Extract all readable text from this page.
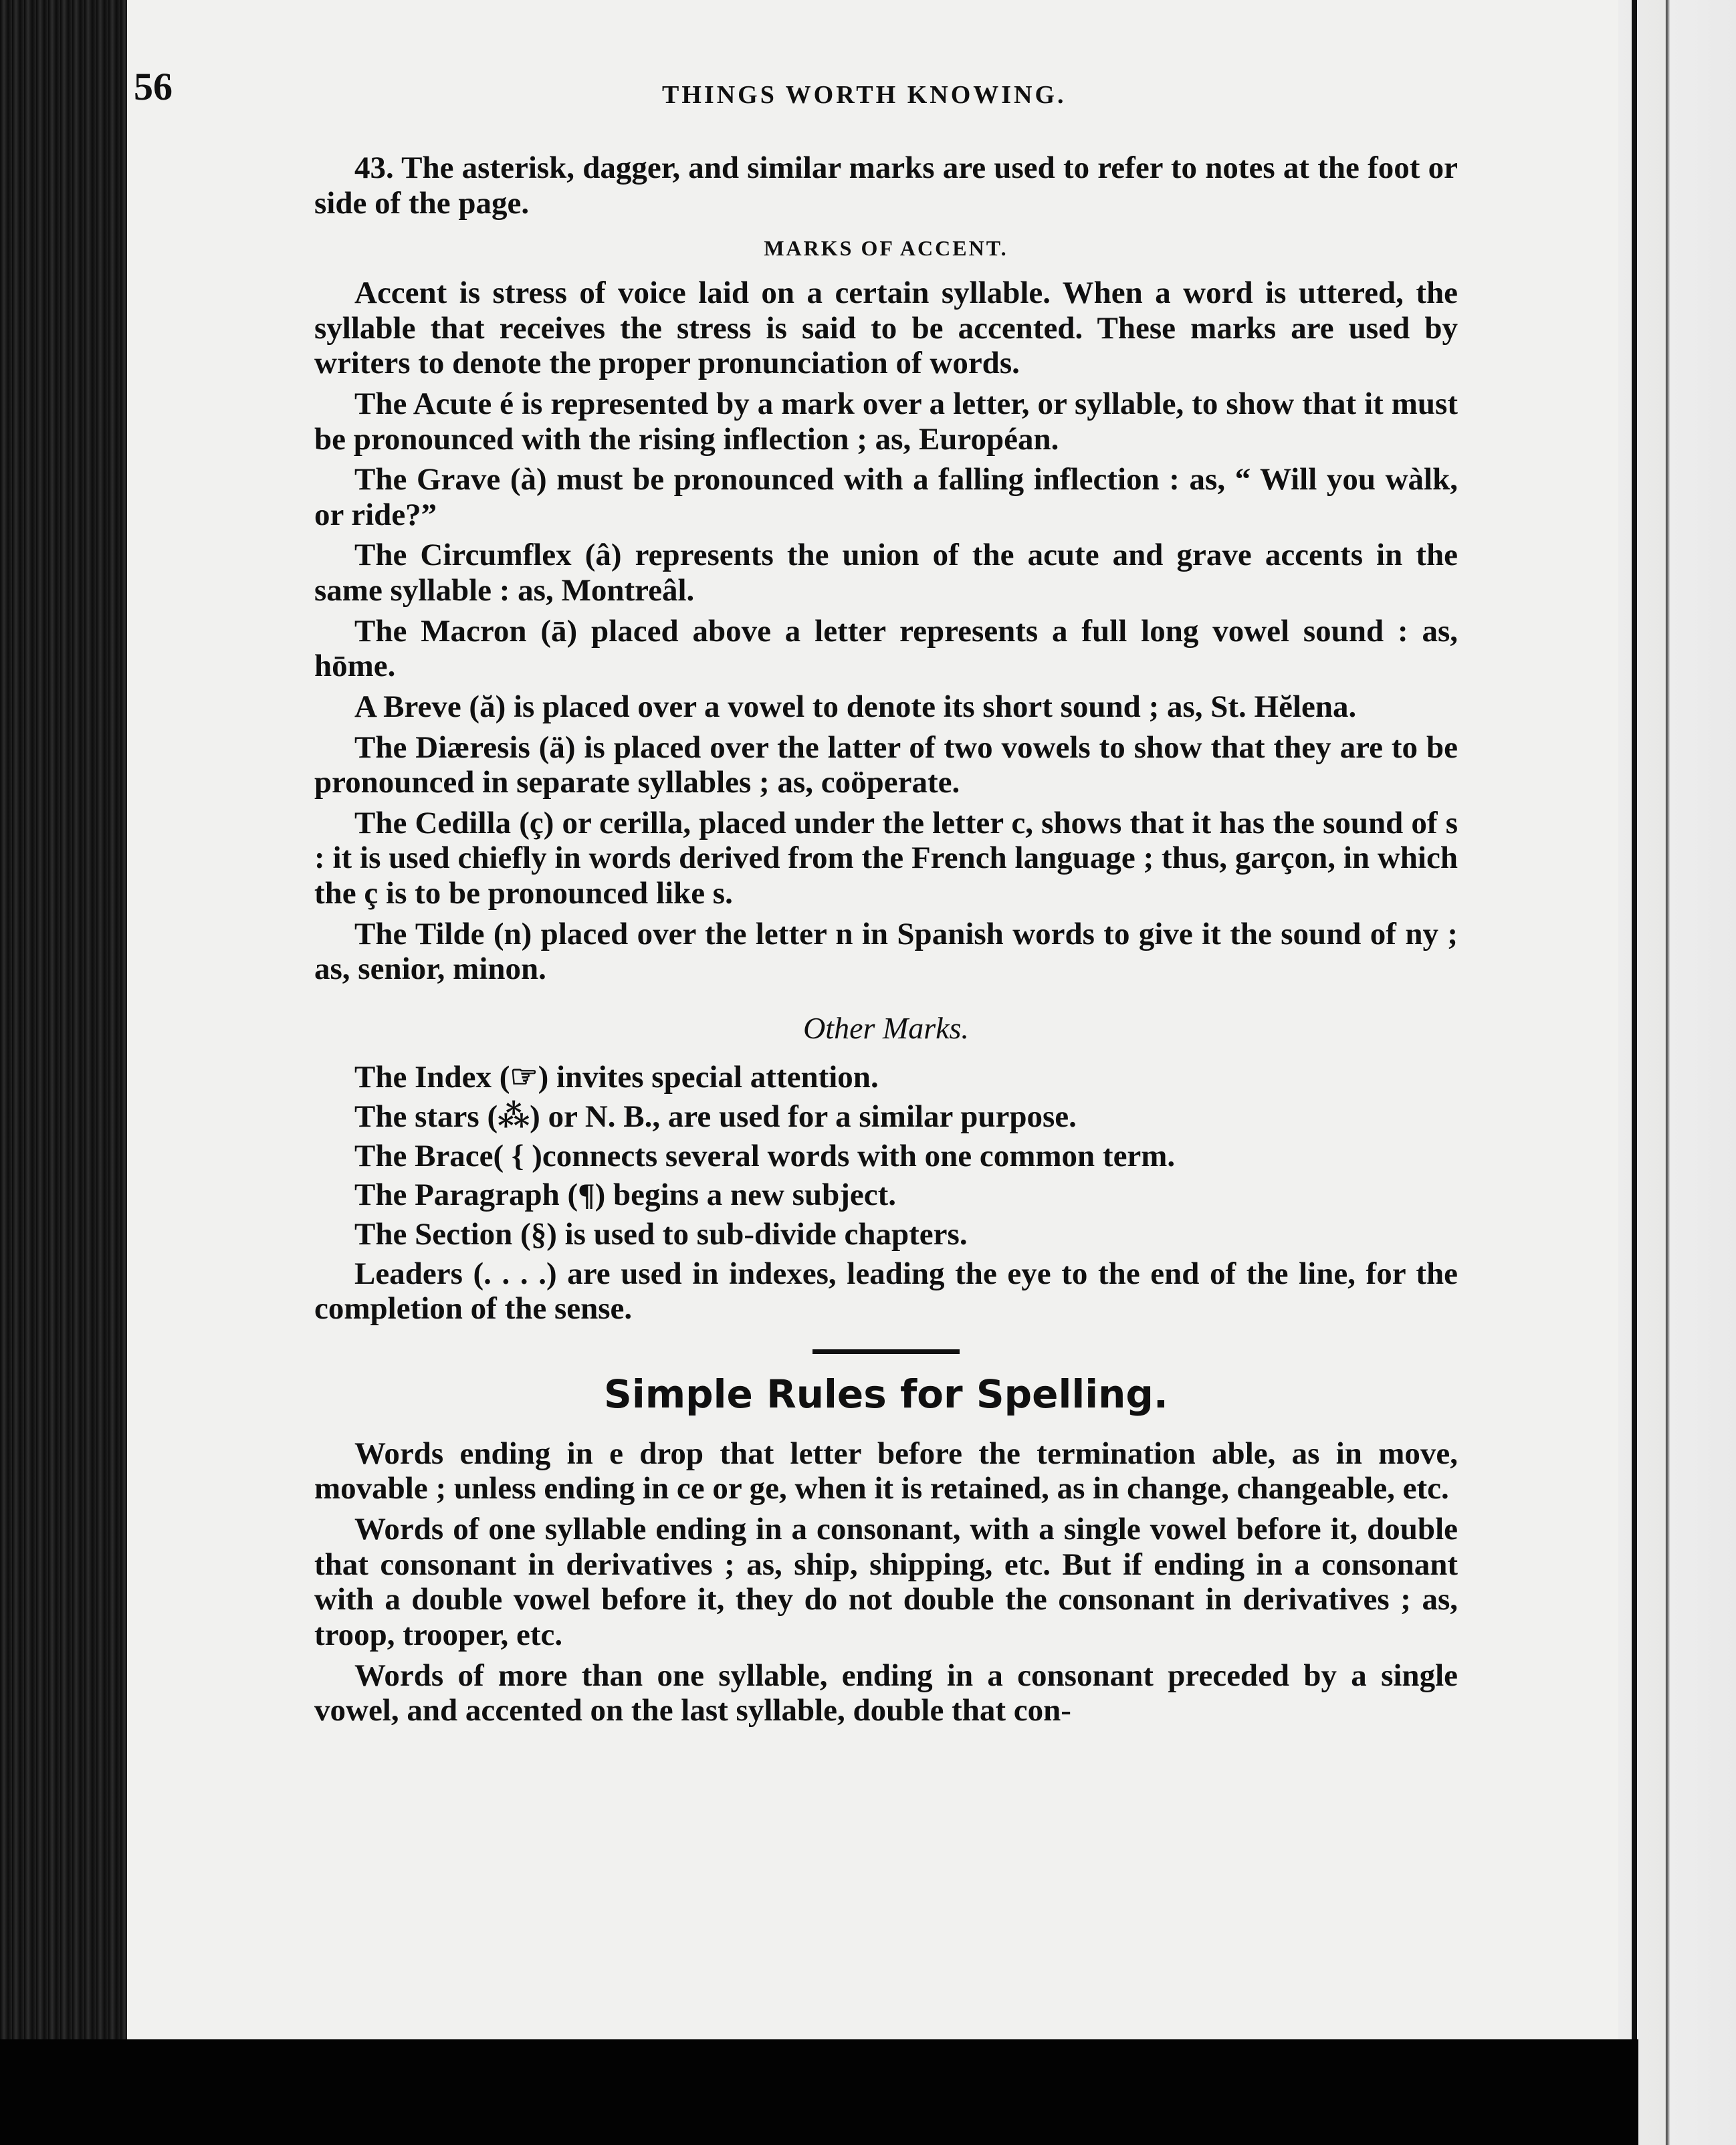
56	THINGS WORTH KNOWING.

43. The asterisk, dagger, and similar marks are used to refer to notes at the foot or side of the page.

MARKS OF ACCENT.

Accent is stress of voice laid on a certain syllable. When a word is uttered, the syllable that receives the stress is said to be accented. These marks are used by writers to denote the proper pronunciation of words.

The Acute é is represented by a mark over a letter, or syllable, to show that it must be pronounced with the rising inflection ; as, Européan.

The Grave (à) must be pronounced with a falling inflection : as, “ Will you wàlk, or ride?”

The Circumflex (â) represents the union of the acute and grave accents in the same syllable : as, Montreâl.

The Macron (ā) placed above a letter represents a full long vowel sound : as, hōme.

A Breve (ă) is placed over a vowel to denote its short sound ; as, St. Hĕlena.

The Diæresis (ä) is placed over the latter of two vowels to show that they are to be pronounced in separate syllables ; as, coöperate.

The Cedilla (ç) or cerilla, placed under the letter c, shows that it has the sound of s : it is used chiefly in words derived from the French language ; thus, garçon, in which the ç is to be pronounced like s.

The Tilde (n) placed over the letter n in Spanish words to give it the sound of ny ; as, senior, minon.

Other Marks.

The Index (☞) invites special attention.

The stars (⁂) or N. B., are used for a similar purpose.

The Brace( { )connects several words with one common term.

The Paragraph (¶) begins a new subject.

The Section (§) is used to sub-divide chapters.

Leaders (. . . .) are used in indexes, leading the eye to the end of the line, for the completion of the sense.

Simple Rules for Spelling.

Words ending in e drop that letter before the termination able, as in move, movable ; unless ending in ce or ge, when it is retained, as in change, changeable, etc.

Words of one syllable ending in a consonant, with a single vowel before it, double that consonant in derivatives ; as, ship, shipping, etc. But if ending in a consonant with a double vowel before it, they do not double the consonant in derivatives ; as, troop, trooper, etc.

Words of more than one syllable, ending in a consonant preceded by a single vowel, and accented on the last syllable, double that con-
